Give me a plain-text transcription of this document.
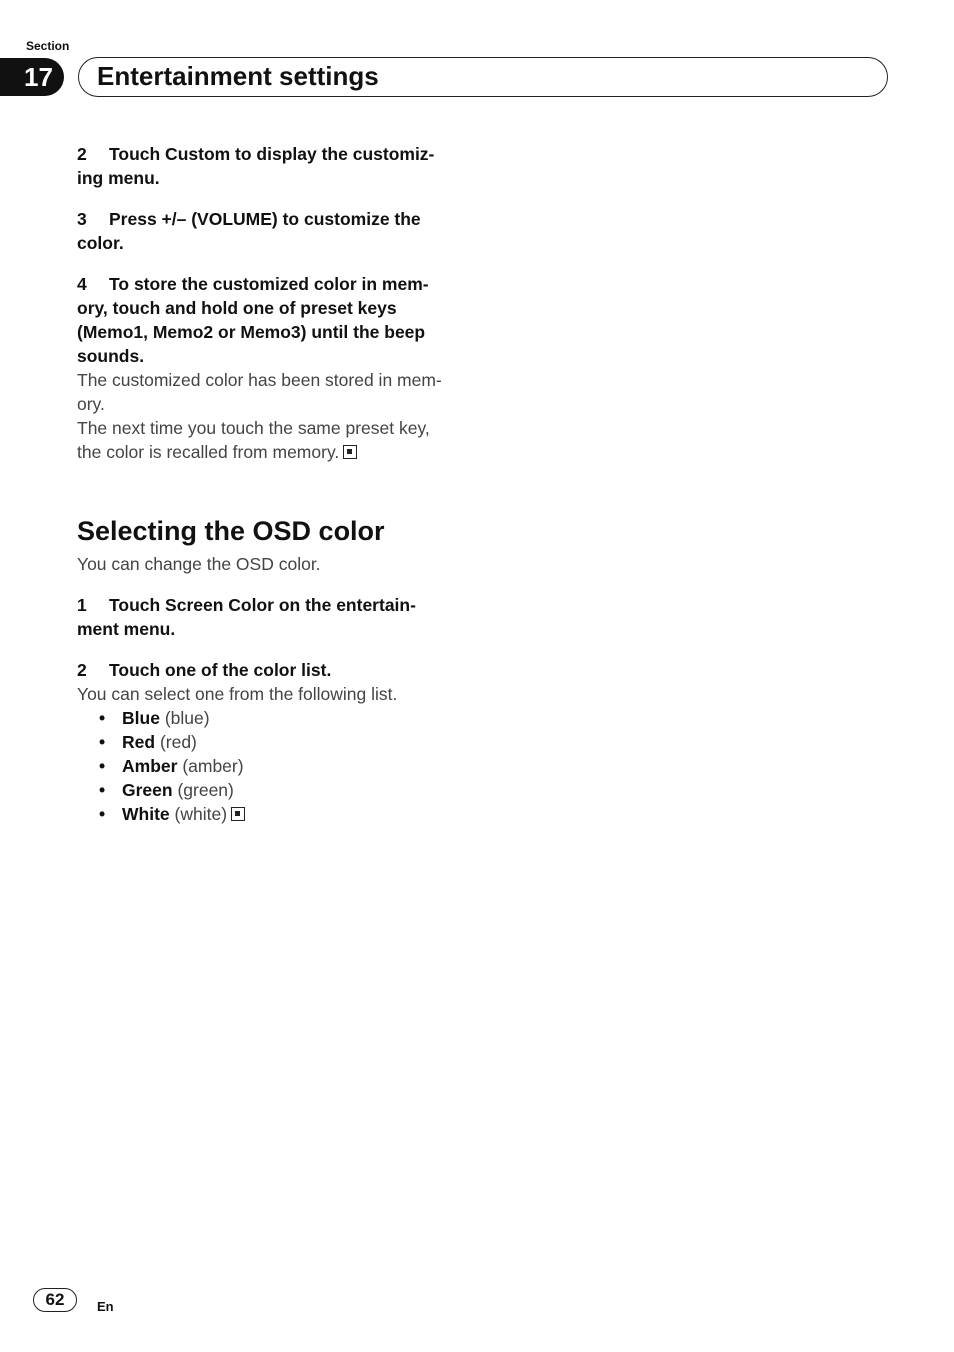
Section
17	Entertainment settings

2 Touch Custom to display the customiz-
ing menu.

3 Press +/– (VOLUME) to customize the
color.

4 To store the customized color in mem-
ory, touch and hold one of preset keys
(Memo1, Memo2 or Memo3) until the beep
sounds.

The customized color has been stored in mem-
ory.
The next time you touch the same preset key,
the color is recalled from memory.

Selecting the OSD color

You can change the OSD color.

1 Touch Screen Color on the entertain-
ment menu.

2 Touch one of the color list.

You can select one from the following list.

• Blue (blue)
• Red (red)
• Amber (amber)
• Green (green)
• White (white)
62	En
